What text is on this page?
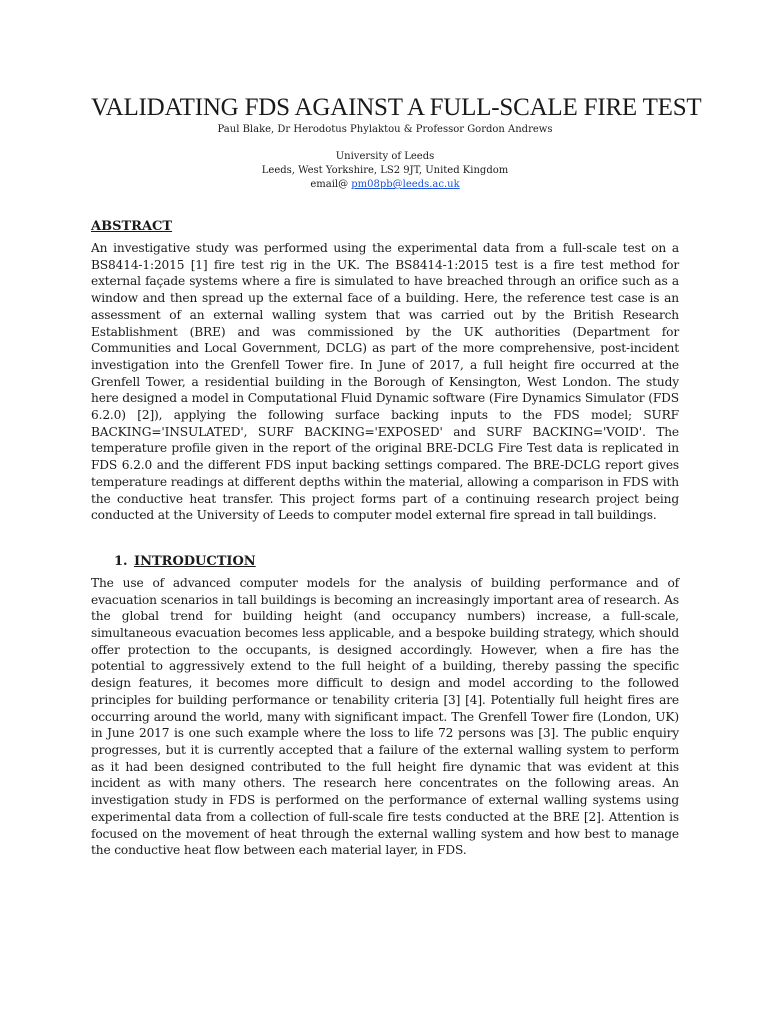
VALIDATING FDS AGAINST A FULL-SCALE FIRE TEST
Paul Blake, Dr Herodotus Phylaktou & Professor Gordon Andrews
University of Leeds
Leeds, West Yorkshire, LS2 9JT, United Kingdom
email@ pm08pb@leeds.ac.uk
ABSTRACT

An investigative study was performed using the experimental data from a full-scale test on a BS8414-1:2015 [1] fire test rig in the UK. The BS8414-1:2015 test is a fire test method for external façade systems where a fire is simulated to have breached through an orifice such as a window and then spread up the external face of a building. Here, the reference test case is an assessment of an external walling system that was carried out by the British Research Establishment (BRE) and was commissioned by the UK authorities (Department for Communities and Local Government, DCLG) as part of the more comprehensive, post-incident investigation into the Grenfell Tower fire. In June of 2017, a full height fire occurred at the Grenfell Tower, a residential building in the Borough of Kensington, West London. The study here designed a model in Computational Fluid Dynamic software (Fire Dynamics Simulator (FDS 6.2.0) [2]), applying the following surface backing inputs to the FDS model; SURF BACKING='INSULATED', SURF BACKING='EXPOSED' and SURF BACKING='VOID'. The temperature profile given in the report of the original BRE-DCLG Fire Test data is replicated in FDS 6.2.0 and the different FDS input backing settings compared. The BRE-DCLG report gives temperature readings at different depths within the material, allowing a comparison in FDS with the conductive heat transfer. This project forms part of a continuing research project being conducted at the University of Leeds to computer model external fire spread in tall buildings.

1. INTRODUCTION

The use of advanced computer models for the analysis of building performance and of evacuation scenarios in tall buildings is becoming an increasingly important area of research. As the global trend for building height (and occupancy numbers) increase, a full-scale, simultaneous evacuation becomes less applicable, and a bespoke building strategy, which should offer protection to the occupants, is designed accordingly. However, when a fire has the potential to aggressively extend to the full height of a building, thereby passing the specific design features, it becomes more difficult to design and model according to the followed principles for building performance or tenability criteria [3] [4]. Potentially full height fires are occurring around the world, many with significant impact. The Grenfell Tower fire (London, UK) in June 2017 is one such example where the loss to life 72 persons was [3]. The public enquiry progresses, but it is currently accepted that a failure of the external walling system to perform as it had been designed contributed to the full height fire dynamic that was evident at this incident as with many others. The research here concentrates on the following areas. An investigation study in FDS is performed on the performance of external walling systems using experimental data from a collection of full-scale fire tests conducted at the BRE [2]. Attention is focused on the movement of heat through the external walling system and how best to manage the conductive heat flow between each material layer, in FDS.
